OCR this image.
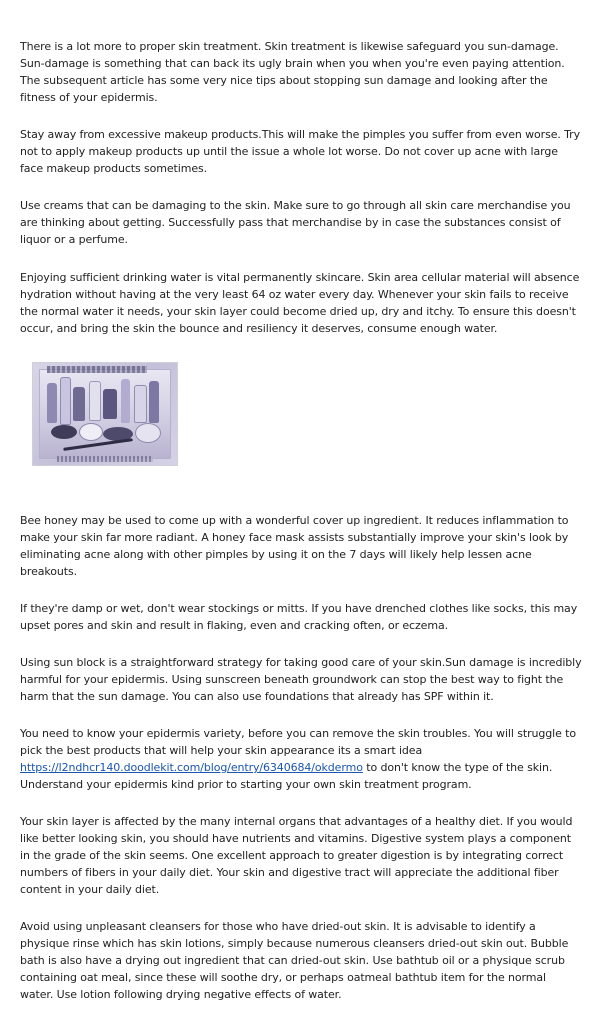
There is a lot more to proper skin treatment. Skin treatment is likewise safeguard you sun-damage. Sun-damage is something that can back its ugly brain when you when you're even paying attention. The subsequent article has some very nice tips about stopping sun damage and looking after the fitness of your epidermis.

Stay away from excessive makeup products.This will make the pimples you suffer from even worse. Try not to apply makeup products up until the issue a whole lot worse. Do not cover up acne with large face makeup products sometimes.

Use creams that can be damaging to the skin. Make sure to go through all skin care merchandise you are thinking about getting. Successfully pass that merchandise by in case the substances consist of liquor or a perfume.

Enjoying sufficient drinking water is vital permanently skincare. Skin area cellular material will absence hydration without having at the very least 64 oz water every day. Whenever your skin fails to receive the normal water it needs, your skin layer could become dried up, dry and itchy. To ensure this doesn't occur, and bring the skin the bounce and resiliency it deserves, consume enough water.

Bee honey may be used to come up with a wonderful cover up ingredient. It reduces inflammation to make your skin far more radiant. A honey face mask assists substantially improve your skin's look by eliminating acne along with other pimples by using it on the 7 days will likely help lessen acne breakouts.

If they're damp or wet, don't wear stockings or mitts. If you have drenched clothes like socks, this may upset pores and skin and result in flaking, even and cracking often, or eczema.

Using sun block is a straightforward strategy for taking good care of your skin.Sun damage is incredibly harmful for your epidermis. Using sunscreen beneath groundwork can stop the best way to fight the harm that the sun damage. You can also use foundations that already has SPF within it.

You need to know your epidermis variety, before you can remove the skin troubles. You will struggle to pick the best products that will help your skin appearance its a smart idea https://l2ndhcr140.doodlekit.com/blog/entry/6340684/okdermo to don't know the type of the skin. Understand your epidermis kind prior to starting your own skin treatment program.

Your skin layer is affected by the many internal organs that advantages of a healthy diet. If you would like better looking skin, you should have nutrients and vitamins. Digestive system plays a component in the grade of the skin seems. One excellent approach to greater digestion is by integrating correct numbers of fibers in your daily diet. Your skin and digestive tract will appreciate the additional fiber content in your daily diet.

Avoid using unpleasant cleansers for those who have dried-out skin. It is advisable to identify a physique rinse which has skin lotions, simply because numerous cleansers dried-out skin out. Bubble bath is also have a drying out ingredient that can dried-out skin. Use bathtub oil or a physique scrub containing oat meal, since these will soothe dry, or perhaps oatmeal bathtub item for the normal water. Use lotion following drying negative effects of water.
